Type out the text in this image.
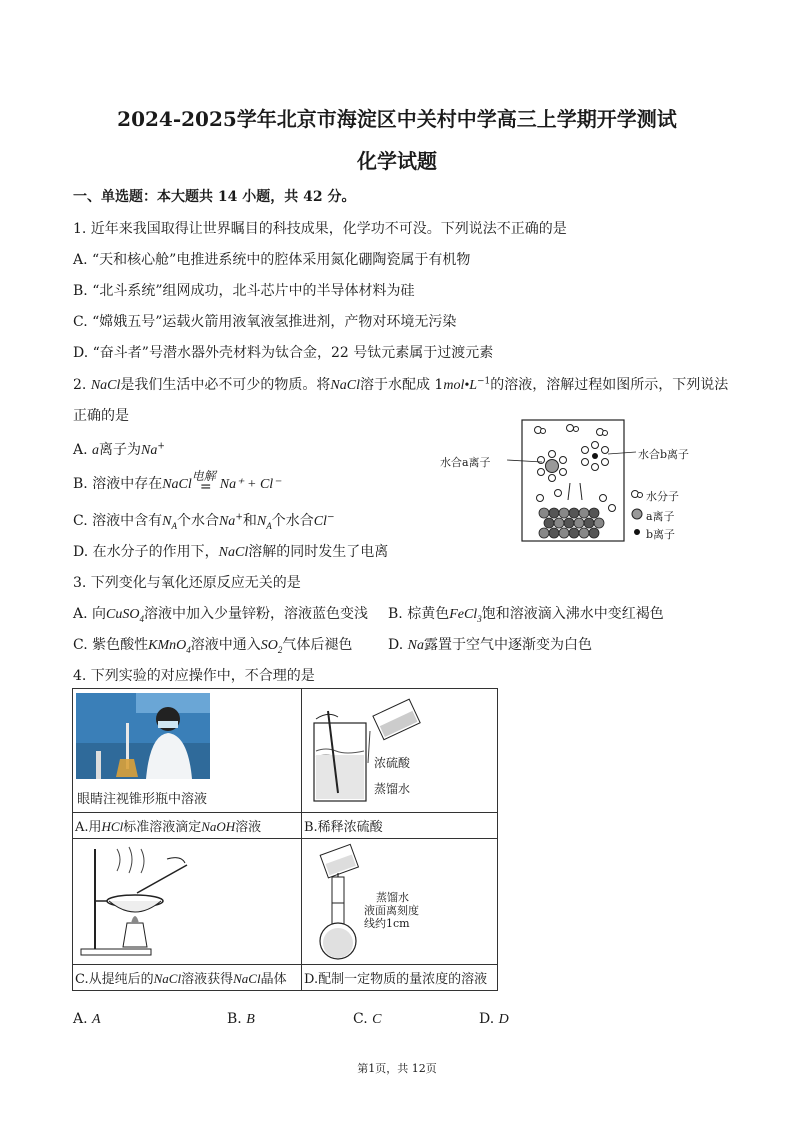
2024-2025学年北京市海淀区中关村中学高三上学期开学测试
化学试题
一、单选题：本大题共 14 小题，共 42 分。
1. 近年来我国取得让世界瞩目的科技成果，化学功不可没。下列说法不正确的是
A. “天和核心舱”电推进系统中的腔体采用氮化硼陶瓷属于有机物
B. “北斗系统”组网成功，北斗芯片中的半导体材料为硅
C. “嫦娥五号”运载火箭用液氧液氢推进剂，产物对环境无污染
D. “奋斗者”号潜水器外壳材料为钛合金，22 号钛元素属于过渡元素
2. NaCl是我们生活中必不可少的物质。将NaCl溶于水配成 $1mol•L^{-1}$的溶液，溶解过程如图所示，下列说法
正确的是
A. a离子为Na+
B. 溶液中存在NaCl
电解
= Na⁺ + Cl⁻
C. 溶液中含有$N_A$个水合Na+和$N_A$个水合Cl−
D. 在水分子的作用下，NaCl溶解的同时发生了电离
水合a离子
水合b离子
水分子
a离子
b离子
3. 下列变化与氧化还原反应无关的是
A. 向CuSO$_4$溶液中加入少量锌粉，溶液蓝色变浅 B. 棕黄色FeCl$_3$饱和溶液滴入沸水中变红褐色
C. 紫色酸性KMnO$_4$溶液中通入$SO_2$气体后褪色	D. Na露置于空气中逐渐变为白色
4. 下列实验的对应操作中，不合理的是
眼睛注视锥形瓶中溶液	浓硫酸
蒸馏水

A.用HCl标准溶液滴定NaOH溶液	B.稀释浓硫酸

蒸馏水
液面离刻度
线约1cm

C.从提纯后的NaCl溶液获得NaCl晶体	D.配制一定物质的量浓度的溶液
A. A	B. B	C. C	D. D
第1页，共 12页
